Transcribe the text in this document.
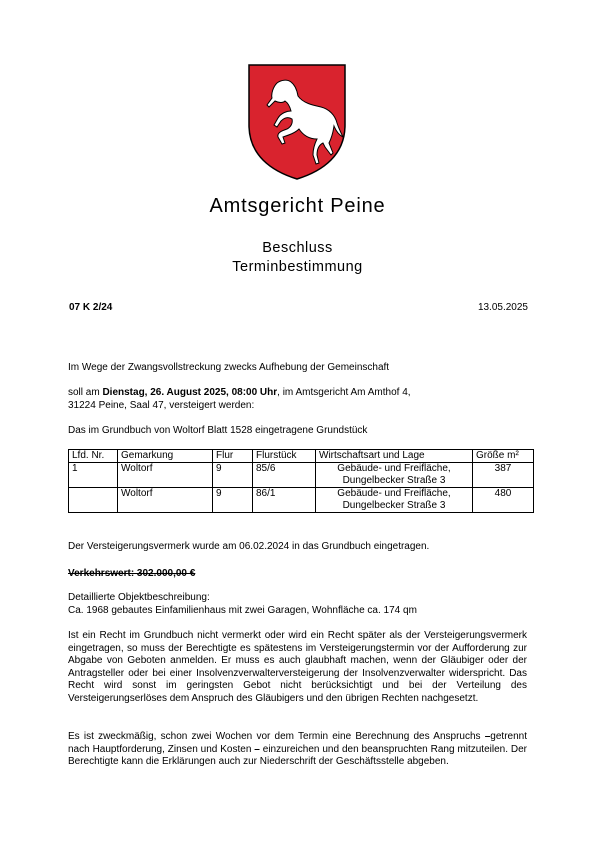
Amtsgericht Peine
Beschluss
Terminbestimmung
07 K 2/24	13.05.2025
Im Wege der Zwangsvollstreckung zwecks Aufhebung der Gemeinschaft
soll am Dienstag, 26. August 2025, 08:00 Uhr, im Amtsgericht Am Amthof 4,
31224 Peine, Saal 47, versteigert werden:
Das im Grundbuch von Woltorf Blatt 1528 eingetragene Grundstück
Lfd. Nr.	Gemarkung	Flur	Flurstück	Wirtschaftsart und Lage	Größe m²
1	Woltorf	9	85/6	Gebäude- und Freifläche,
Dungelbecker Straße 3	387
	Woltorf	9	86/1	Gebäude- und Freifläche,
Dungelbecker Straße 3	480
Der Versteigerungsvermerk wurde am 06.02.2024 in das Grundbuch eingetragen.
Verkehrswert: 302.000,00 €
Detaillierte Objektbeschreibung:
Ca. 1968 gebautes Einfamilienhaus mit zwei Garagen, Wohnfläche ca. 174 qm
Ist ein Recht im Grundbuch nicht vermerkt oder wird ein Recht später als der Versteigerungsvermerk eingetragen, so muss der Berechtigte es spätestens im Versteigerungstermin vor der Aufforderung zur Abgabe von Geboten anmelden. Er muss es auch glaubhaft machen, wenn der Gläubiger oder der Antragsteller oder bei einer Insolvenzverwalterversteigerung der Insolvenzverwalter widerspricht. Das Recht wird sonst im geringsten Gebot nicht berücksichtigt und bei der Verteilung des Versteigerungserlöses dem Anspruch des Gläubigers und den übrigen Rechten nachgesetzt.
Es ist zweckmäßig, schon zwei Wochen vor dem Termin eine Berechnung des Anspruchs –getrennt nach Hauptforderung, Zinsen und Kosten – einzureichen und den beanspruchten Rang mitzuteilen. Der Berechtigte kann die Erklärungen auch zur Niederschrift der Geschäftsstelle abgeben.
